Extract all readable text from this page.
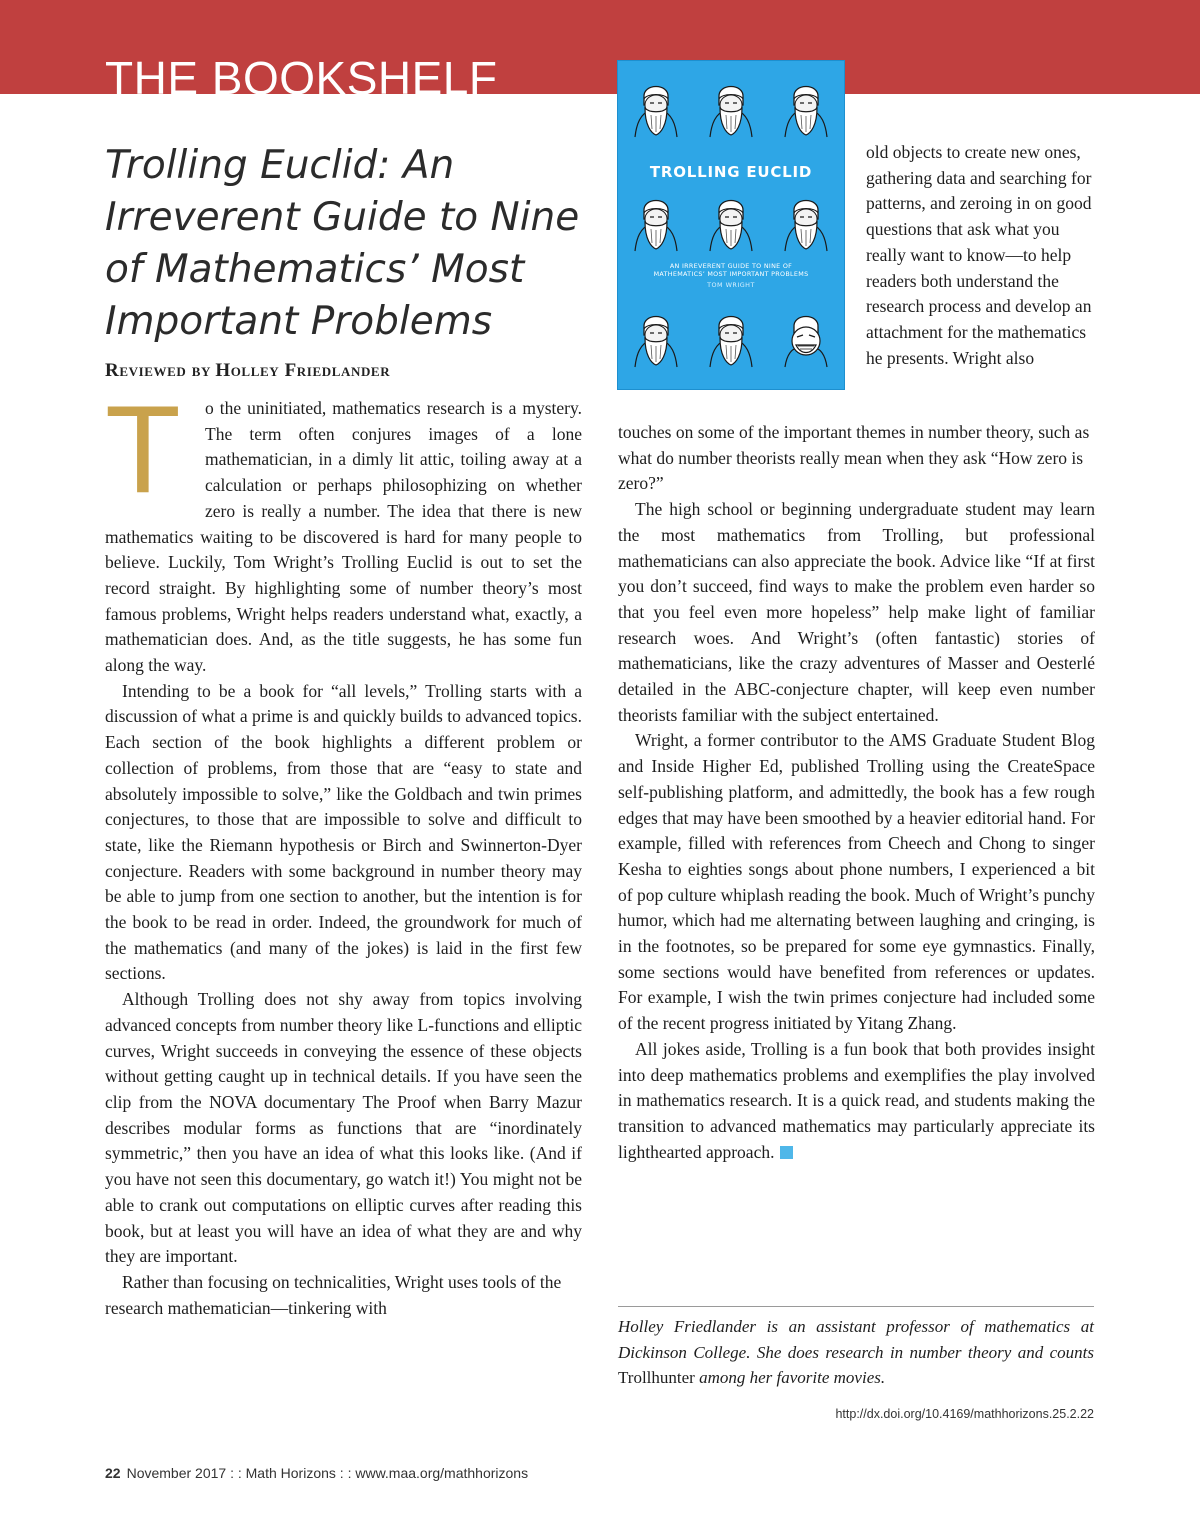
THE BOOKSHELF
Trolling Euclid: An Irreverent Guide to Nine of Mathematics’ Most Important Problems
Reviewed by Holley Friedlander
TROLLING EUCLID
AN IRREVERENT GUIDE TO NINE OF
MATHEMATICS’ MOST IMPORTANT PROBLEMS
TOM WRIGHT
T	o the uninitiated, mathematics research is a mystery. The term often conjures images of a lone mathematician, in a dimly lit attic, toiling away at a calculation or perhaps philosophizing on whether zero is really a number. The idea that there is new mathematics waiting to be discovered is hard for many people to believe. Luckily, Tom Wright’s Trolling Euclid is out to set the record straight. By highlighting some of number theory’s most famous problems, Wright helps readers understand what, exactly, a mathematician does. And, as the title suggests, he has some fun along the way.

Intending to be a book for “all levels,” Trolling starts with a discussion of what a prime is and quickly builds to advanced topics. Each section of the book highlights a different problem or collection of problems, from those that are “easy to state and absolutely impossible to solve,” like the Goldbach and twin primes conjectures, to those that are impossible to solve and difficult to state, like the Riemann hypothesis or Birch and Swinnerton-Dyer conjecture. Readers with some background in number theory may be able to jump from one section to another, but the intention is for the book to be read in order. Indeed, the groundwork for much of the mathematics (and many of the jokes) is laid in the first few sections.

Although Trolling does not shy away from topics involving advanced concepts from number theory like L-functions and elliptic curves, Wright succeeds in conveying the essence of these objects without getting caught up in technical details. If you have seen the clip from the NOVA documentary The Proof when Barry Mazur describes modular forms as functions that are “inordinately symmetric,” then you have an idea of what this looks like. (And if you have not seen this documentary, go watch it!) You might not be able to crank out computations on elliptic curves after reading this book, but at least you will have an idea of what they are and why they are important.

Rather than focusing on technicalities, Wright uses tools of the research mathematician—tinkering with

old objects to create new ones, gathering data and searching for patterns, and zeroing in on good questions that ask what you really want to know—to help readers both understand the research process and develop an attachment for the mathematics he presents. Wright also

touches on some of the important themes in number theory, such as what do number theorists really mean when they ask “How zero is zero?”

The high school or beginning undergraduate student may learn the most mathematics from Trolling, but professional mathematicians can also appreciate the book. Advice like “If at first you don’t succeed, find ways to make the problem even harder so that you feel even more hopeless” help make light of familiar research woes. And Wright’s (often fantastic) stories of mathematicians, like the crazy adventures of Masser and Oesterlé detailed in the ABC-conjecture chapter, will keep even number theorists familiar with the subject entertained.

Wright, a former contributor to the AMS Graduate Student Blog and Inside Higher Ed, published Trolling using the CreateSpace self-publishing platform, and admittedly, the book has a few rough edges that may have been smoothed by a heavier editorial hand. For example, filled with references from Cheech and Chong to singer Kesha to eighties songs about phone numbers, I experienced a bit of pop culture whiplash reading the book. Much of Wright’s punchy humor, which had me alternating between laughing and cringing, is in the footnotes, so be prepared for some eye gymnastics. Finally, some sections would have benefited from references or updates. For example, I wish the twin primes conjecture had included some of the recent progress initiated by Yitang Zhang.

All jokes aside, Trolling is a fun book that both provides insight into deep mathematics problems and exemplifies the play involved in mathematics research. It is a quick read, and students making the transition to advanced mathematics may particularly appreciate its lighthearted approach.

Holley Friedlander is an assistant professor of mathematics at Dickinson College. She does research in number theory and counts Trollhunter among her favorite movies.

http://dx.doi.org/10.4169/mathhorizons.25.2.22
22 November 2017 : : Math Horizons : : www.maa.org/mathhorizons
